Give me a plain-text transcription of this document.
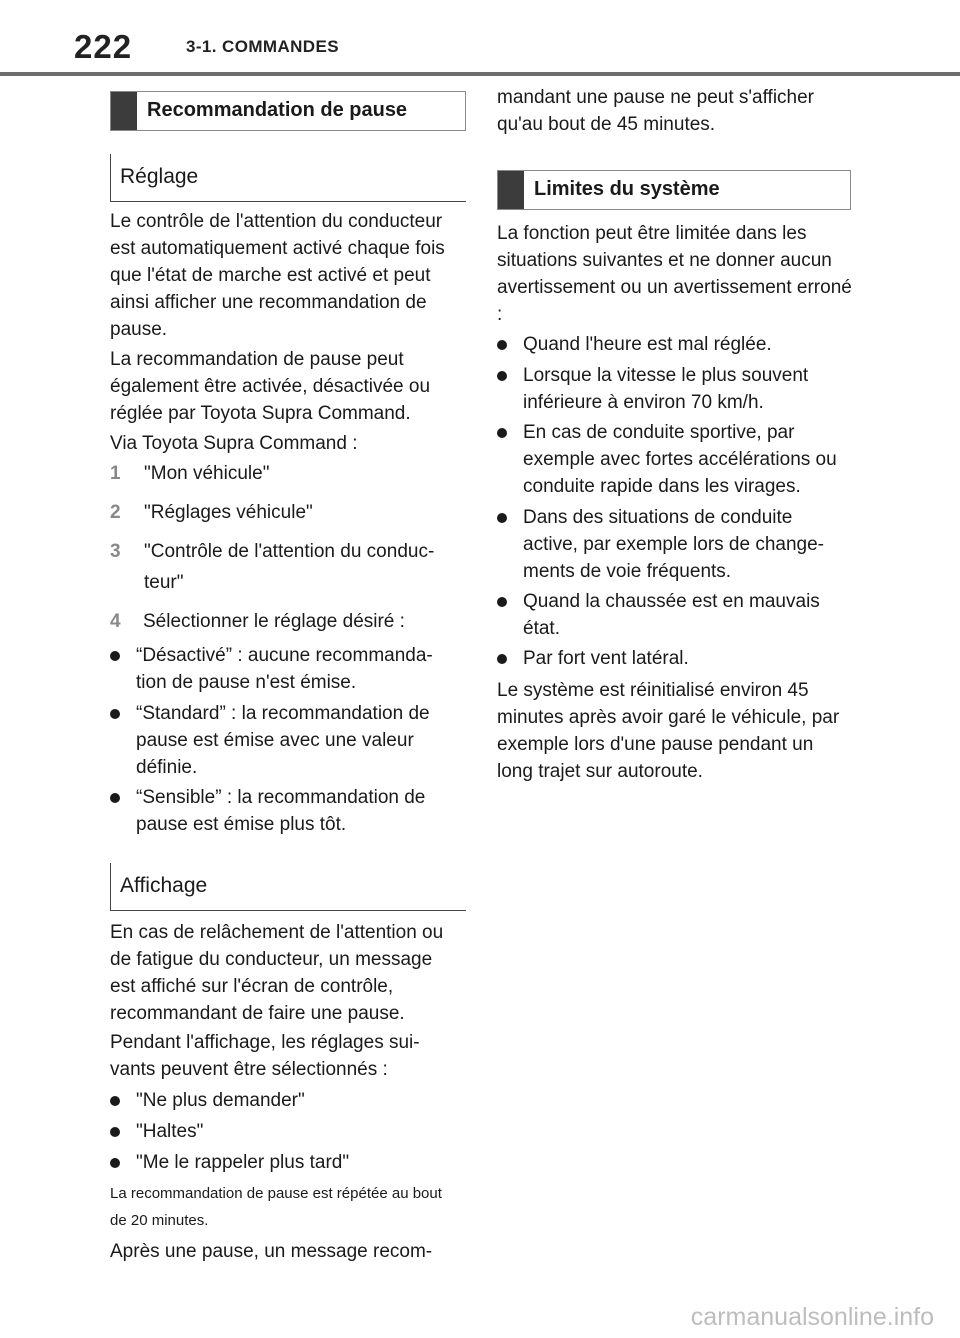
222	3-1. COMMANDES
Recommandation de pause
Réglage
Le contrôle de l'attention du conducteur est automatiquement activé chaque fois que l'état de marche est activé et peut ainsi afficher une recommandation de pause.
La recommandation de pause peut également être activée, désactivée ou réglée par Toyota Supra Command.
Via Toyota Supra Command :
1 "Mon véhicule"
2 "Réglages véhicule"
3 "Contrôle de l'attention du conduc-teur"
4 Sélectionner le réglage désiré :
“Désactivé” : aucune recommanda-tion de pause n'est émise.
“Standard” : la recommandation de pause est émise avec une valeur définie.
“Sensible” : la recommandation de pause est émise plus tôt.
Affichage
En cas de relâchement de l'attention ou de fatigue du conducteur, un message est affiché sur l'écran de contrôle, recommandant de faire une pause.
Pendant l'affichage, les réglages sui-vants peuvent être sélectionnés :
"Ne plus demander"
"Haltes"
"Me le rappeler plus tard"
La recommandation de pause est répétée au bout de 20 minutes.
Après une pause, un message recom-
mandant une pause ne peut s'afficher qu'au bout de 45 minutes.
Limites du système
La fonction peut être limitée dans les situations suivantes et ne donner aucun avertissement ou un avertissement erroné :
Quand l'heure est mal réglée.
Lorsque la vitesse le plus souvent inférieure à environ 70 km/h.
En cas de conduite sportive, par exemple avec fortes accélérations ou conduite rapide dans les virages.
Dans des situations de conduite active, par exemple lors de change-ments de voie fréquents.
Quand la chaussée est en mauvais état.
Par fort vent latéral.
Le système est réinitialisé environ 45 minutes après avoir garé le véhicule, par exemple lors d'une pause pendant un long trajet sur autoroute.
carmanualsonline.info
